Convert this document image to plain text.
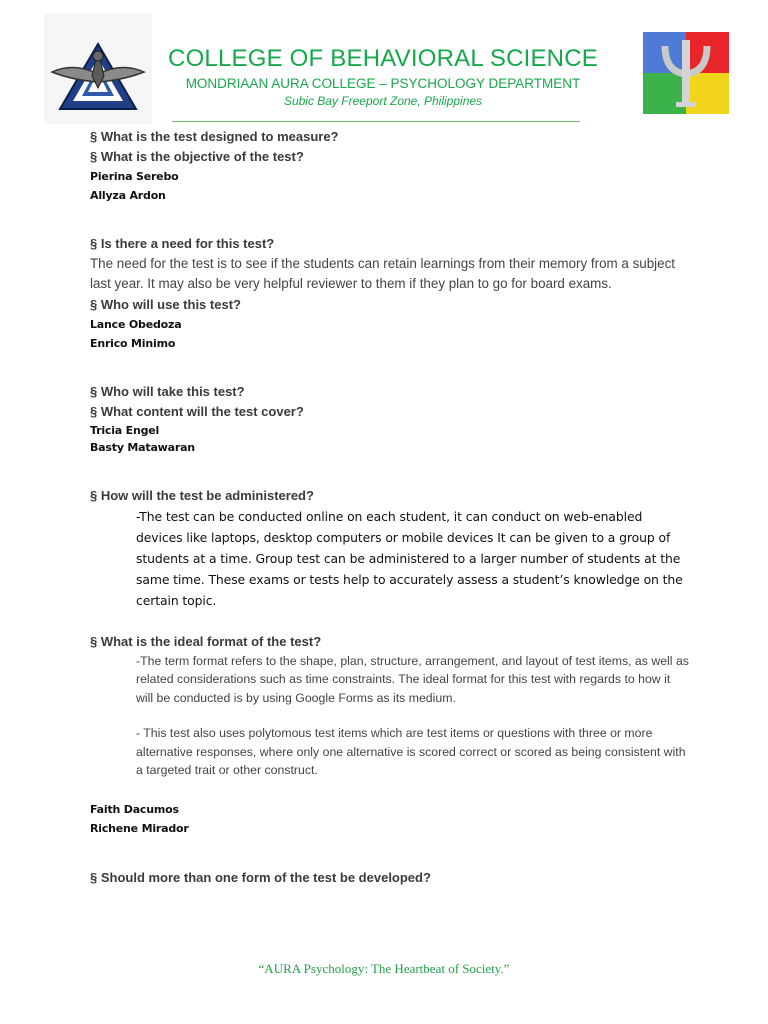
COLLEGE OF BEHAVIORAL SCIENCE
MONDRIAAN AURA COLLEGE – PSYCHOLOGY DEPARTMENT
Subic Bay Freeport Zone, Philippines
§ What is the test designed to measure?
§ What is the objective of the test?
Pierina Serebo
Allyza Ardon
§ Is there a need for this test?
The need for the test is to see if the students can retain learnings from their memory from a subject last year. It may also be very helpful reviewer to them if they plan to go for board exams.
§ Who will use this test?
Lance Obedoza
Enrico Minimo
§ Who will take this test?
§ What content will the test cover?
Tricia Engel
Basty Matawaran
§ How will the test be administered?
-The test can be conducted online on each student, it can conduct on web-enabled devices like laptops, desktop computers or mobile devices It can be given to a group of students at a time. Group test can be administered to a larger number of students at the same time. These exams or tests help to accurately assess a student’s knowledge on the certain topic.
§ What is the ideal format of the test?
-The term format refers to the shape, plan, structure, arrangement, and layout of test items, as well as related considerations such as time constraints. The ideal format for this test with regards to how it will be conducted is by using Google Forms as its medium.
- This test also uses polytomous test items which are test items or questions with three or more alternative responses, where only one alternative is scored correct or scored as being consistent with a targeted trait or other construct.
Faith Dacumos
Richene Mirador
§ Should more than one form of the test be developed?
“AURA Psychology: The Heartbeat of Society.”
